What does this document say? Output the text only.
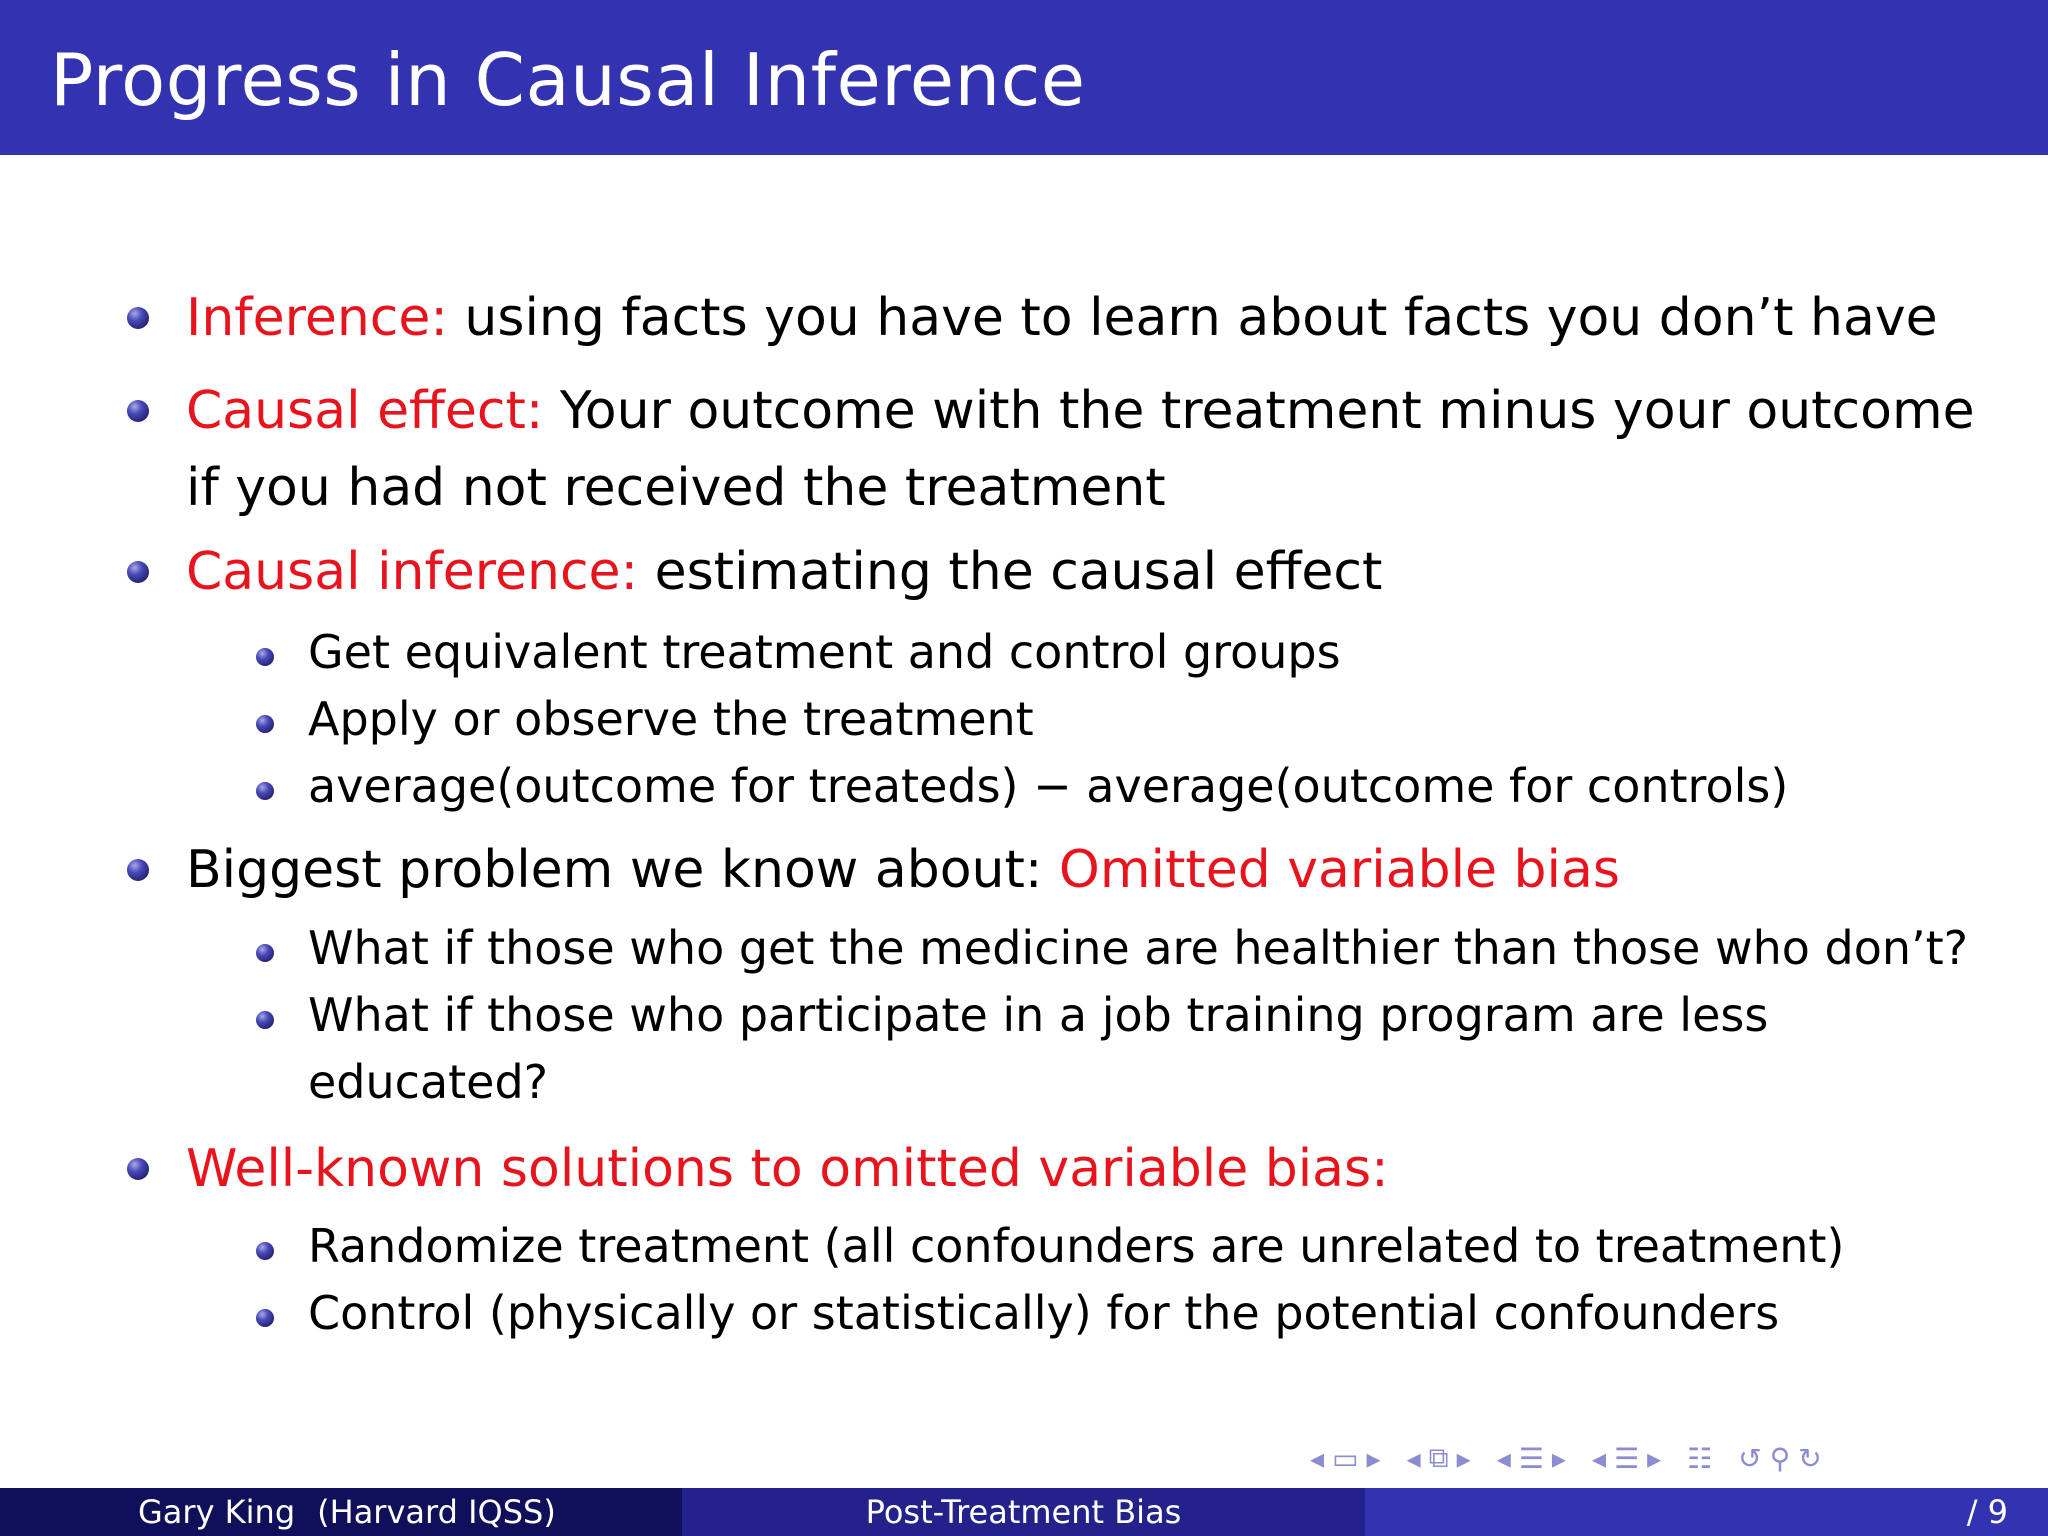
Progress in Causal Inference
Inference: using facts you have to learn about facts you don’t have
Causal effect: Your outcome with the treatment minus your outcome
if you had not received the treatment
Causal inference: estimating the causal effect
Get equivalent treatment and control groups
Apply or observe the treatment
average(outcome for treateds) − average(outcome for controls)
Biggest problem we know about: Omitted variable bias
What if those who get the medicine are healthier than those who don’t?
What if those who participate in a job training program are less
educated?
Well-known solutions to omitted variable bias:
Randomize treatment (all confounders are unrelated to treatment)
Control (physically or statistically) for the potential confounders
◂ ▭ ▸ ◂ ⧉ ▸ ◂ ☰ ▸ ◂ ☰ ▸ ☷ ↺ ⚲ ↻
Gary King (Harvard IQSS)	Post-Treatment Bias	/ 9
